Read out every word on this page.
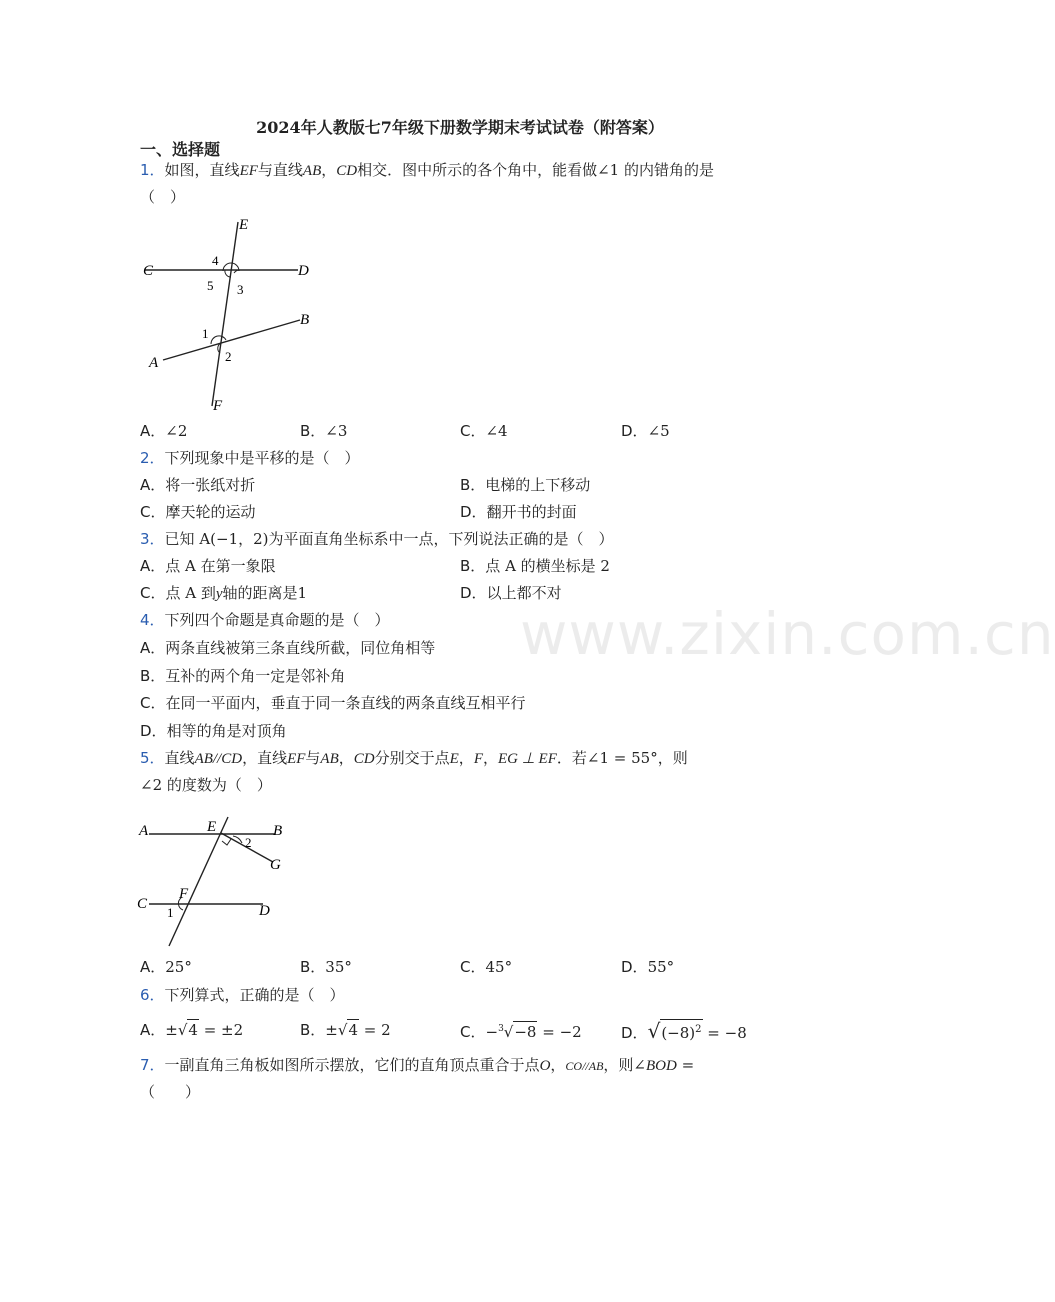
www.zixin.com.cn
2024年人教版七7年级下册数学期末考试试卷（附答案）
一、选择题
1．如图，直线EF与直线AB，CD相交．图中所示的各个角中，能看做∠1 的内错角的是
（　）
C	D
E
F
A
B
4
5 3
1
2
A．∠2	B．∠3	C．∠4	D．∠5
2．下列现象中是平移的是（　）
A．将一张纸对折	B．电梯的上下移动
C．摩天轮的运动	D．翻开书的封面
3．已知 A(−1，2)为平面直角坐标系中一点，下列说法正确的是（　）
A．点 A 在第一象限	B．点 A 的横坐标是 2
C．点 A 到y轴的距离是1	D．以上都不对
4．下列四个命题是真命题的是（　）
A．两条直线被第三条直线所截，同位角相等
B．互补的两个角一定是邻补角
C．在同一平面内，垂直于同一条直线的两条直线互相平行
D．相等的角是对顶角
5．直线AB//CD，直线EF与AB，CD分别交于点E，F，EG ⊥ EF．若∠1 = 55°，则
∠2 的度数为（　）
A	E	B
2
G
C
F
1	D
A．25°	B．35°	C．45°	D．55°
6．下列算式，正确的是（　）
A．±√4 = ±2	B．±√4 = 2	C．−$^3$√−8 = −2	D．$√(-8)^2 = -8$
7．一副直角三角板如图所示摆放，它们的直角顶点重合于点O，CO//AB，则∠BOD =
（　　）
